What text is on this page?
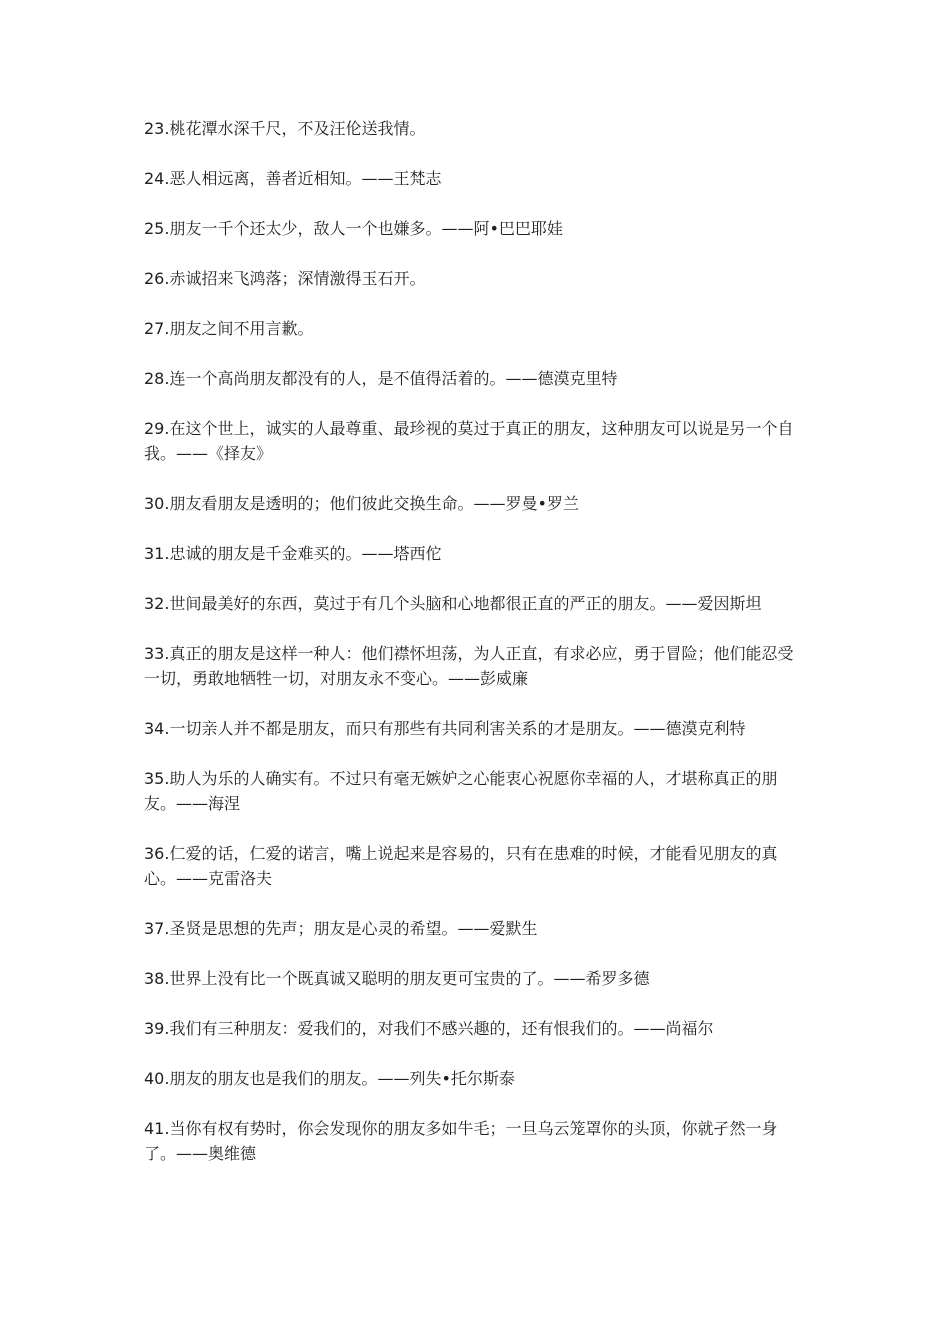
23.桃花潭水深千尺，不及汪伦送我情。

24.恶人相远离，善者近相知。——王梵志

25.朋友一千个还太少，敌人一个也嫌多。——阿•巴巴耶娃

26.赤诚招来飞鸿落；深情激得玉石开。

27.朋友之间不用言歉。

28.连一个高尚朋友都没有的人，是不值得活着的。——德漠克里特

29.在这个世上，诚实的人最尊重、最珍视的莫过于真正的朋友，这种朋友可以说是另一个自我。——《择友》

30.朋友看朋友是透明的；他们彼此交换生命。——罗曼•罗兰

31.忠诚的朋友是千金难买的。——塔西佗

32.世间最美好的东西，莫过于有几个头脑和心地都很正直的严正的朋友。——爱因斯坦

33.真正的朋友是这样一种人：他们襟怀坦荡，为人正直，有求必应，勇于冒险；他们能忍受一切，勇敢地牺牲一切，对朋友永不变心。——彭威廉

34.一切亲人并不都是朋友，而只有那些有共同利害关系的才是朋友。——德漠克利特

35.助人为乐的人确实有。不过只有毫无嫉妒之心能衷心祝愿你幸福的人，才堪称真正的朋友。——海涅

36.仁爱的话，仁爱的诺言，嘴上说起来是容易的，只有在患难的时候，才能看见朋友的真心。——克雷洛夫

37.圣贤是思想的先声；朋友是心灵的希望。——爱默生

38.世界上没有比一个既真诚又聪明的朋友更可宝贵的了。——希罗多德

39.我们有三种朋友：爱我们的，对我们不感兴趣的，还有恨我们的。——尚福尔

40.朋友的朋友也是我们的朋友。——列失•托尔斯泰

41.当你有权有势时，你会发现你的朋友多如牛毛；一旦乌云笼罩你的头顶，你就孑然一身了。——奥维德
